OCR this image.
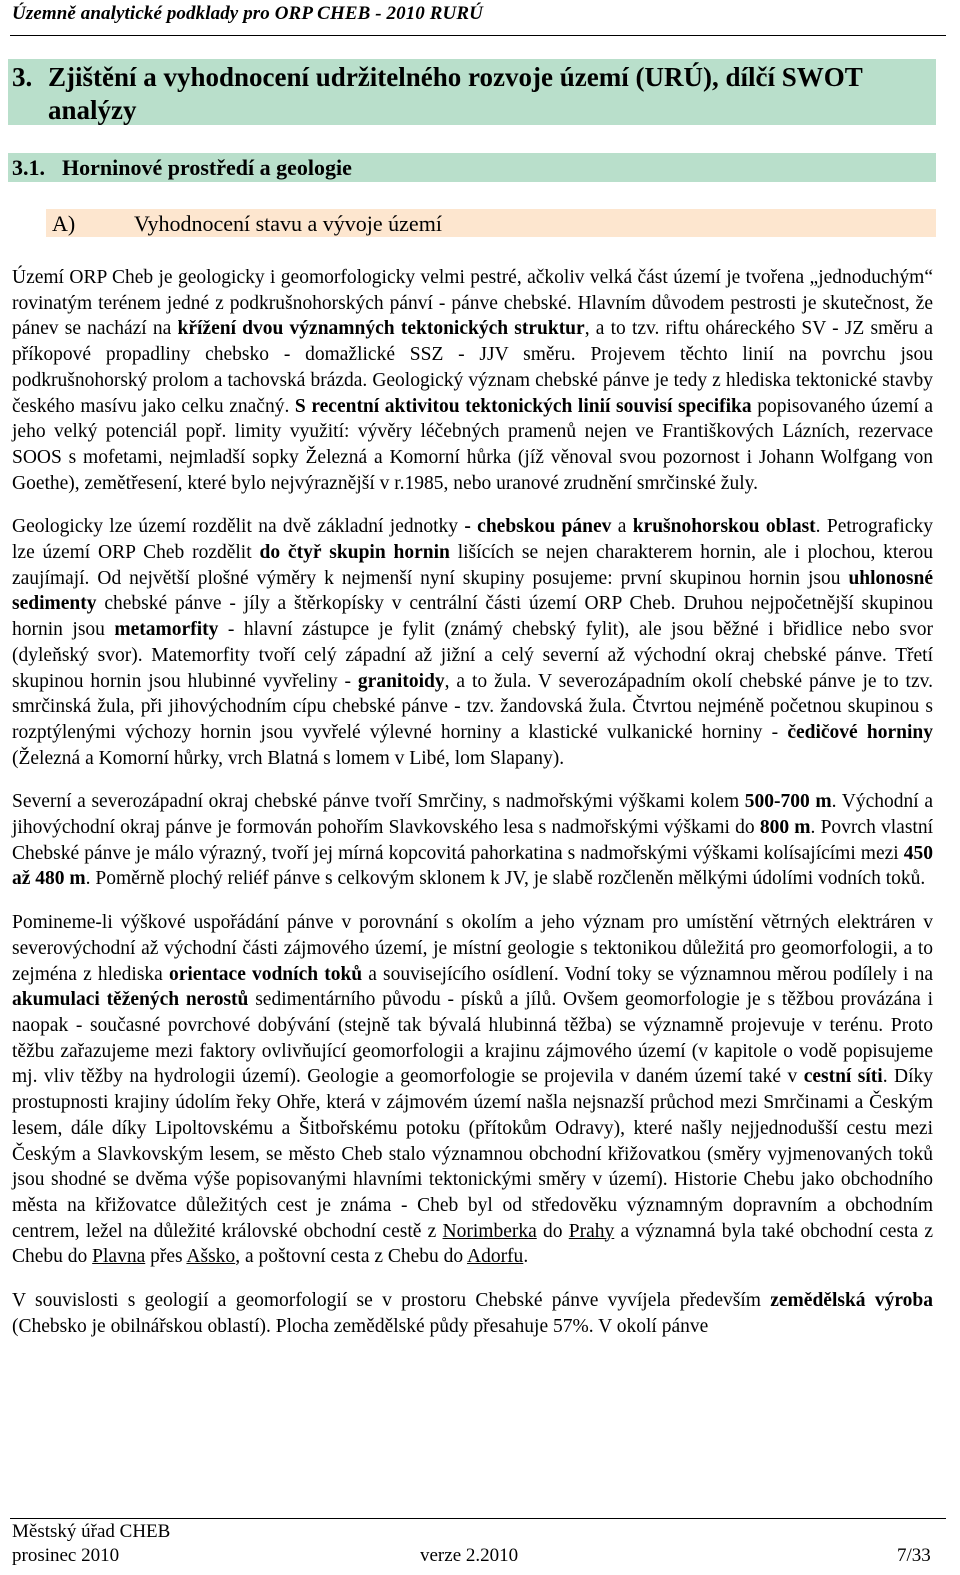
Územně analytické podklady pro ORP CHEB - 2010 RURÚ
3. Zjištění a vyhodnocení udržitelného rozvoje území (URÚ), dílčí SWOT
analýzy
3.1. Horninové prostředí a geologie
A)	Vyhodnocení stavu a vývoje území

Území ORP Cheb je geologicky i geomorfologicky velmi pestré, ačkoliv velká část území je tvořena „jednoduchým“ rovinatým terénem jedné z podkrušnohorských pánví - pánve chebské. Hlavním důvodem pestrosti je skutečnost, že pánev se nachází na křížení dvou významných tektonických struktur, a to tzv. riftu oháreckého SV - JZ směru a příkopové propadliny chebsko - domažlické SSZ - JJV směru. Projevem těchto linií na povrchu jsou podkrušnohorský prolom a tachovská brázda. Geologický význam chebské pánve je tedy z hlediska tektonické stavby českého masívu jako celku značný. S recentní aktivitou tektonických linií souvisí specifika popisovaného území a jeho velký potenciál popř. limity využití: vývěry léčebných pramenů nejen ve Františkových Lázních, rezervace SOOS s mofetami, nejmladší sopky Železná a Komorní hůrka (jíž věnoval svou pozornost i Johann Wolfgang von Goethe), zemětřesení, které bylo nejvýraznější v r.1985, nebo uranové zrudnění smrčinské žuly.

Geologicky lze území rozdělit na dvě základní jednotky - chebskou pánev a krušnohorskou oblast. Petrograficky lze území ORP Cheb rozdělit do čtyř skupin hornin lišících se nejen charakterem hornin, ale i plochou, kterou zaujímají. Od největší plošné výměry k nejmenší nyní skupiny posujeme: první skupinou hornin jsou uhlonosné sedimenty chebské pánve - jíly a štěrkopísky v centrální části území ORP Cheb. Druhou nejpočetnější skupinou hornin jsou metamorfity - hlavní zástupce je fylit (známý chebský fylit), ale jsou běžné i břidlice nebo svor (dyleňský svor). Matemorfity tvoří celý západní až jižní a celý severní až východní okraj chebské pánve. Třetí skupinou hornin jsou hlubinné vyvřeliny - granitoidy, a to žula. V severozápadním okolí chebské pánve je to tzv. smrčinská žula, při jihovýchodním cípu chebské pánve - tzv. žandovská žula. Čtvrtou nejméně početnou skupinou s rozptýlenými výchozy hornin jsou vyvřelé výlevné horniny a klastické vulkanické horniny - čedičové horniny (Železná a Komorní hůrky, vrch Blatná s lomem v Libé, lom Slapany).

Severní a severozápadní okraj chebské pánve tvoří Smrčiny, s nadmořskými výškami kolem 500-700 m. Východní a jihovýchodní okraj pánve je formován pohořím Slavkovského lesa s nadmořskými výškami do 800 m. Povrch vlastní Chebské pánve je málo výrazný, tvoří jej mírná kopcovitá pahorkatina s nadmořskými výškami kolísajícími mezi 450 až 480 m. Poměrně plochý reliéf pánve s celkovým sklonem k JV, je slabě rozčleněn mělkými údolími vodních toků.

Pomineme-li výškové uspořádání pánve v porovnání s okolím a jeho význam pro umístění větrných elektráren v severovýchodní až východní části zájmového území, je místní geologie s tektonikou důležitá pro geomorfologii, a to zejména z hlediska orientace vodních toků a souvisejícího osídlení. Vodní toky se významnou měrou podílely i na akumulaci těžených nerostů sedimentárního původu - písků a jílů. Ovšem geomorfologie je s těžbou provázána i naopak - současné povrchové dobývání (stejně tak bývalá hlubinná těžba) se významně projevuje v terénu. Proto těžbu zařazujeme mezi faktory ovlivňující geomorfologii a krajinu zájmového území (v kapitole o vodě popisujeme mj. vliv těžby na hydrologii území). Geologie a geomorfologie se projevila v daném území také v cestní síti. Díky prostupnosti krajiny údolím řeky Ohře, která v zájmovém území našla nejsnazší průchod mezi Smrčinami a Českým lesem, dále díky Lipoltovskému a Šitbořskému potoku (přítokům Odravy), které našly nejjednodušší cestu mezi Českým a Slavkovským lesem, se město Cheb stalo významnou obchodní křižovatkou (směry vyjmenovaných toků jsou shodné se dvěma výše popisovanými hlavními tektonickými směry v území). Historie Chebu jako obchodního města na křižovatce důležitých cest je známa - Cheb byl od středověku významným dopravním a obchodním centrem, ležel na důležité královské obchodní cestě z Norimberka do Prahy a významná byla také obchodní cesta z Chebu do Plavna přes Ašsko, a poštovní cesta z Chebu do Adorfu.

V souvislosti s geologií a geomorfologií se v prostoru Chebské pánve vyvíjela především zemědělská výroba (Chebsko je obilnářskou oblastí). Plocha zemědělské půdy přesahuje 57%. V okolí pánve

Městský úřad CHEB
prosinec 2010	verze 2.2010	7/33
